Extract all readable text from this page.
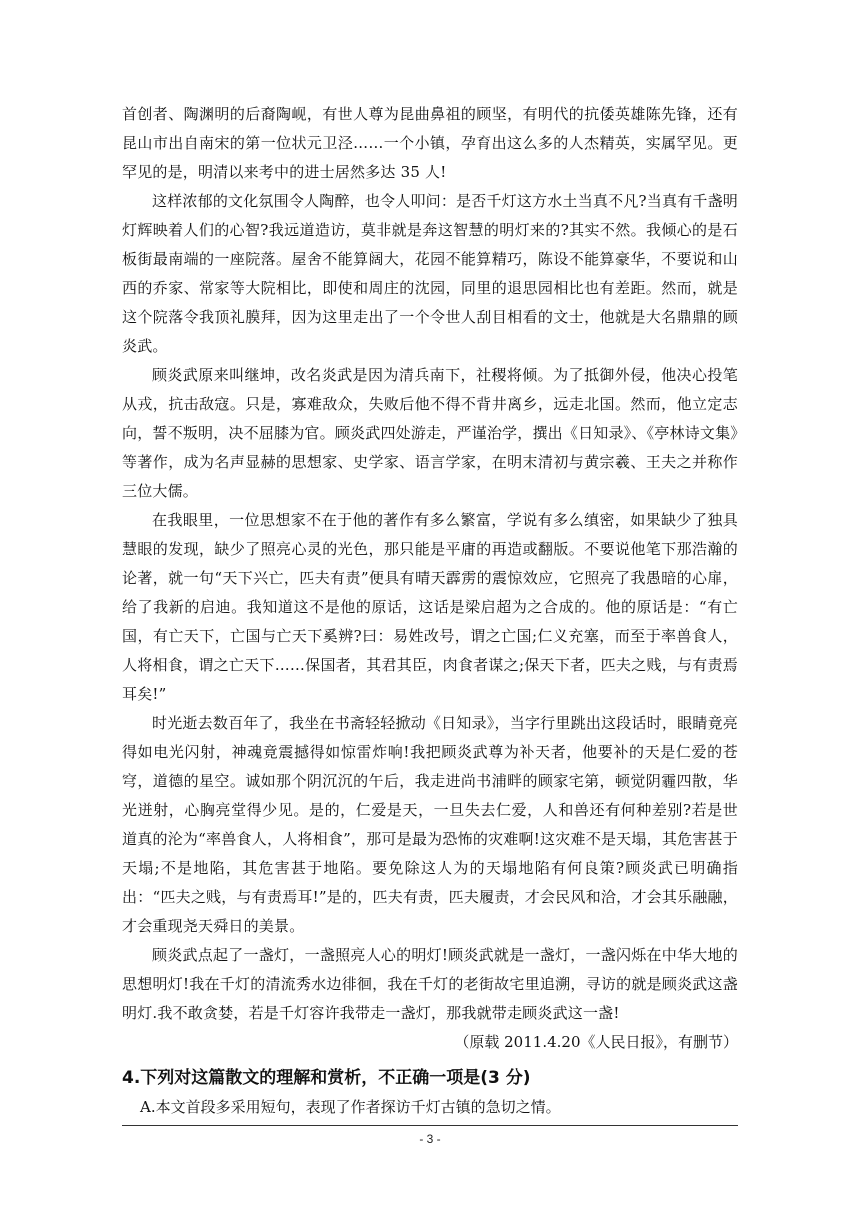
首创者、陶渊明的后裔陶岘，有世人尊为昆曲鼻祖的顾坚，有明代的抗倭英雄陈先锋，还有昆山市出自南宋的第一位状元卫泾……一个小镇，孕育出这么多的人杰精英，实属罕见。更罕见的是，明清以来考中的进士居然多达 35 人!

这样浓郁的文化氛围令人陶醉，也令人叩问：是否千灯这方水土当真不凡?当真有千盏明灯辉映着人们的心智?我远道造访，莫非就是奔这智慧的明灯来的?其实不然。我倾心的是石板街最南端的一座院落。屋舍不能算阔大，花园不能算精巧，陈设不能算豪华，不要说和山西的乔家、常家等大院相比，即使和周庄的沈园，同里的退思园相比也有差距。然而，就是这个院落令我顶礼膜拜，因为这里走出了一个令世人刮目相看的文士，他就是大名鼎鼎的顾炎武。

顾炎武原来叫继坤，改名炎武是因为清兵南下，社稷将倾。为了抵御外侵，他决心投笔从戎，抗击敌寇。只是，寡难敌众，失败后他不得不背井离乡，远走北国。然而，他立定志向，誓不叛明，决不屈膝为官。顾炎武四处游走，严谨治学，撰出《日知录》、《亭林诗文集》等著作，成为名声显赫的思想家、史学家、语言学家，在明末清初与黄宗羲、王夫之并称作三位大儒。

在我眼里，一位思想家不在于他的著作有多么繁富，学说有多么缜密，如果缺少了独具慧眼的发现，缺少了照亮心灵的光色，那只能是平庸的再造或翻版。不要说他笔下那浩瀚的论著，就一句“天下兴亡，匹夫有责”便具有晴天霹雳的震惊效应，它照亮了我愚暗的心扉，给了我新的启迪。我知道这不是他的原话，这话是梁启超为之合成的。他的原话是：“有亡国，有亡天下，亡国与亡天下奚辨?曰：易姓改号，谓之亡国;仁义充塞，而至于率兽食人，人将相食，谓之亡天下……保国者，其君其臣，肉食者谋之;保天下者，匹夫之贱，与有责焉耳矣!”

时光逝去数百年了，我坐在书斋轻轻掀动《日知录》，当字行里跳出这段话时，眼睛竟亮得如电光闪射，神魂竟震撼得如惊雷炸响!我把顾炎武尊为补天者，他要补的天是仁爱的苍穹，道德的星空。诚如那个阴沉沉的午后，我走进尚书浦畔的顾家宅第，顿觉阴霾四散，华光迸射，心胸亮堂得少见。是的，仁爱是天，一旦失去仁爱，人和兽还有何种差别?若是世道真的沦为“率兽食人，人将相食”，那可是最为恐怖的灾难啊!这灾难不是天塌，其危害甚于天塌;不是地陷，其危害甚于地陷。要免除这人为的天塌地陷有何良策?顾炎武已明确指出：“匹夫之贱，与有责焉耳!”是的，匹夫有责，匹夫履责，才会民风和洽，才会其乐融融，才会重现尧天舜日的美景。

顾炎武点起了一盏灯，一盏照亮人心的明灯!顾炎武就是一盏灯，一盏闪烁在中华大地的思想明灯!我在千灯的清流秀水边徘徊，我在千灯的老街故宅里追溯，寻访的就是顾炎武这盏明灯.我不敢贪婪，若是千灯容许我带走一盏灯，那我就带走顾炎武这一盏!

（原载 2011.4.20《人民日报》，有删节）

4.下列对这篇散文的理解和赏析，不正确一项是(3 分)

A.本文首段多采用短句，表现了作者探访千灯古镇的急切之情。

- 3 -
